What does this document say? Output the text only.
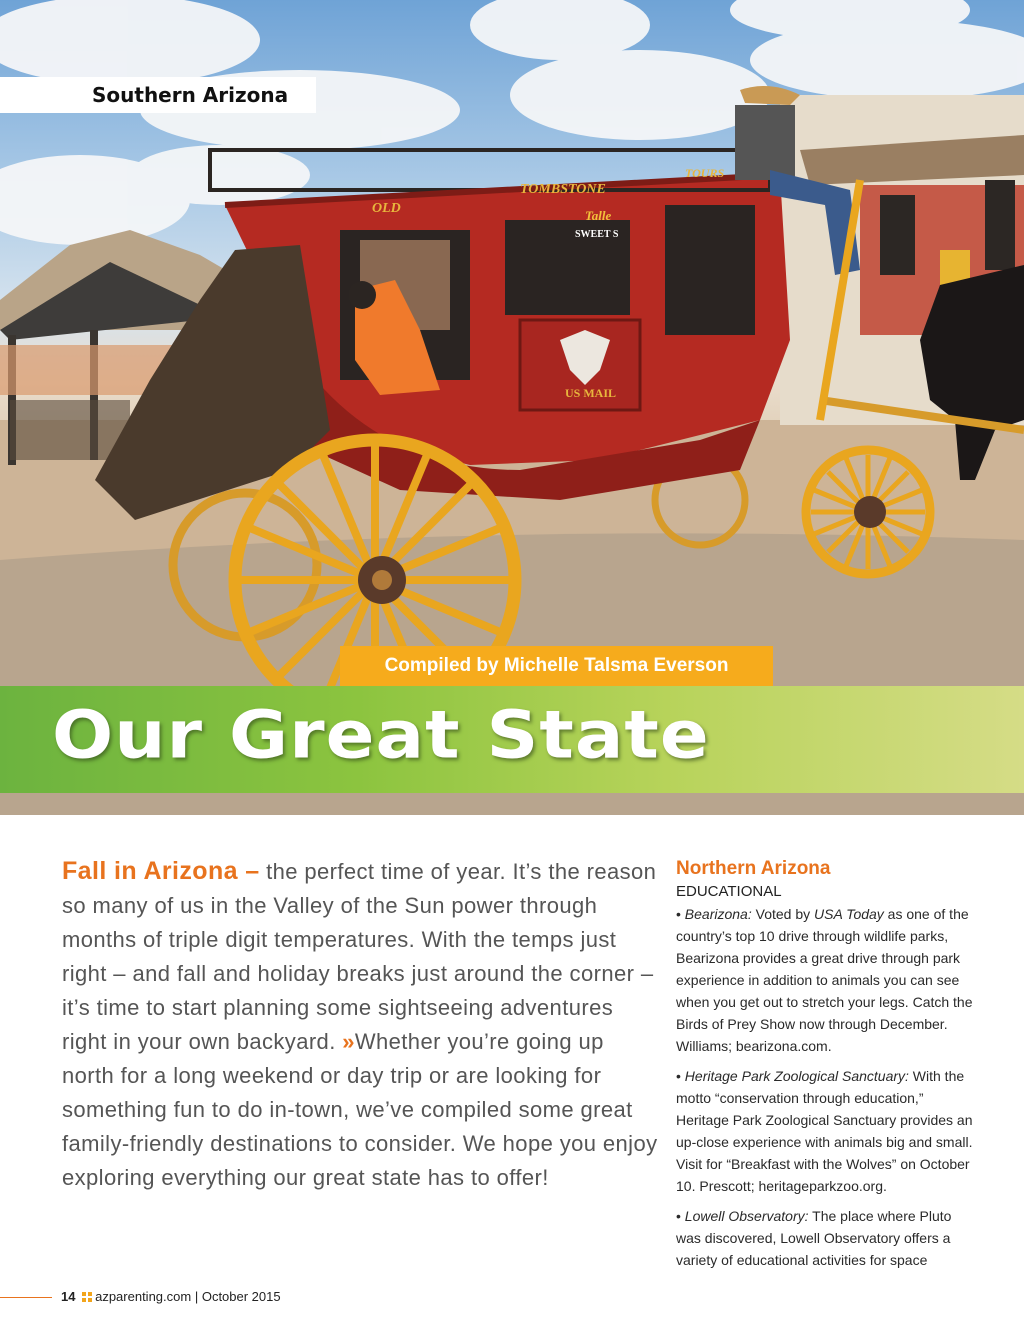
OLD
TOMBSTONE
TOURS
US MAIL
Talle
SWEET S
Southern Arizona
Compiled by Michelle Talsma Everson
Our Great State

Fall in Arizona – the perfect time of year. It’s the reason so many of us in the Valley of the Sun power through months of triple digit temperatures. With the temps just right – and fall and holiday breaks just around the corner – it’s time to start planning some sightseeing adventures right in your own backyard. »Whether you’re going up north for a long weekend or day trip or are looking for something fun to do in-town, we’ve compiled some great family-friendly destinations to consider. We hope you enjoy exploring everything our great state has to offer!

Northern Arizona
EDUCATIONAL

• Bearizona: Voted by USA Today as one of the country’s top 10 drive through wildlife parks, Bearizona provides a great drive through park experience in addition to animals you can see when you get out to stretch your legs. Catch the Birds of Prey Show now through December. Williams; bearizona.com.

• Heritage Park Zoological Sanctuary: With the motto “conservation through education,” Heritage Park Zoological Sanctuary provides an up-close experience with animals big and small. Visit for “Breakfast with the Wolves” on October 10. Prescott; heritageparkzoo.org.

• Lowell Observatory: The place where Pluto was discovered, Lowell Observatory offers a variety of educational activities for space

14 azparenting.com | October 2015
